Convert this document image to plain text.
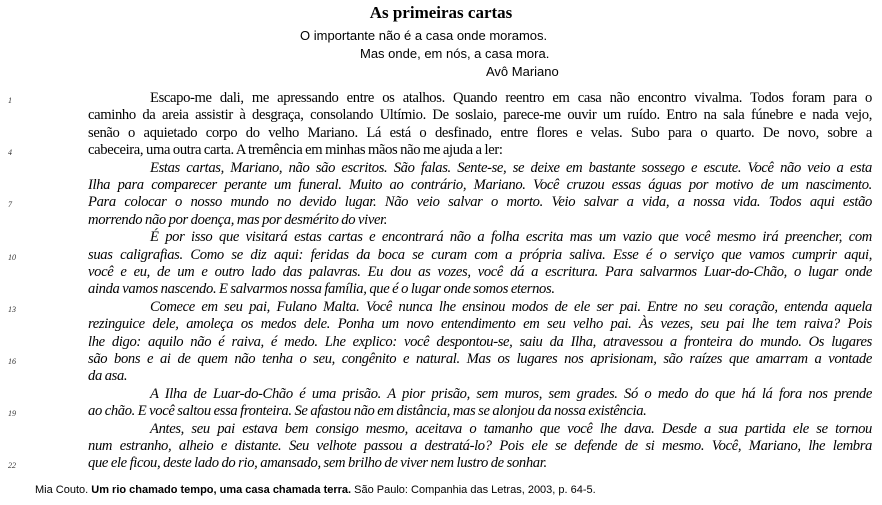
As primeiras cartas
O importante não é a casa onde moramos.
Mas onde, em nós, a casa mora.
Avô Mariano
Escapo-me dali, me apressando entre os atalhos. Quando reentro em casa não encontro vivalma. Todos foram para o
caminho da areia assistir à desgraça, consolando Ultímio. De soslaio, parece-me ouvir um ruído. Entro na sala fúnebre e nada vejo,
senão o aquietado corpo do velho Mariano. Lá está o desfinado, entre flores e velas. Subo para o quarto. De novo, sobre a
cabeceira, uma outra carta. A tremência em minhas mãos não me ajuda a ler:
Estas cartas, Mariano, não são escritos. São falas. Sente-se, se deixe em bastante sossego e escute. Você não veio a esta
Ilha para comparecer perante um funeral. Muito ao contrário, Mariano. Você cruzou essas águas por motivo de um nascimento.
Para colocar o nosso mundo no devido lugar. Não veio salvar o morto. Veio salvar a vida, a nossa vida. Todos aqui estão
morrendo não por doença, mas por desmérito do viver.
É por isso que visitará estas cartas e encontrará não a folha escrita mas um vazio que você mesmo irá preencher, com
suas caligrafias. Como se diz aqui: feridas da boca se curam com a própria saliva. Esse é o serviço que vamos cumprir aqui,
você e eu, de um e outro lado das palavras. Eu dou as vozes, você dá a escritura. Para salvarmos Luar-do-Chão, o lugar onde
ainda vamos nascendo. E salvarmos nossa família, que é o lugar onde somos eternos.
Comece em seu pai, Fulano Malta. Você nunca lhe ensinou modos de ele ser pai. Entre no seu coração, entenda aquela
rezinguice dele, amoleça os medos dele. Ponha um novo entendimento em seu velho pai. Às vezes, seu pai lhe tem raiva? Pois
lhe digo: aquilo não é raiva, é medo. Lhe explico: você despontou-se, saiu da Ilha, atravessou a fronteira do mundo. Os lugares
são bons e ai de quem não tenha o seu, congênito e natural. Mas os lugares nos aprisionam, são raízes que amarram a vontade
da asa.
A Ilha de Luar-do-Chão é uma prisão. A pior prisão, sem muros, sem grades. Só o medo do que há lá fora nos prende
ao chão. E você saltou essa fronteira. Se afastou não em distância, mas se alonjou da nossa existência.
Antes, seu pai estava bem consigo mesmo, aceitava o tamanho que você lhe dava. Desde a sua partida ele se tornou
num estranho, alheio e distante. Seu velhote passou a destratá-lo? Pois ele se defende de si mesmo. Você, Mariano, lhe lembra
que ele ficou, deste lado do rio, amansado, sem brilho de viver nem lustro de sonhar.
1
4
7
10
13
16
19
22
Mia Couto. Um rio chamado tempo, uma casa chamada terra. São Paulo: Companhia das Letras, 2003, p. 64-5.
